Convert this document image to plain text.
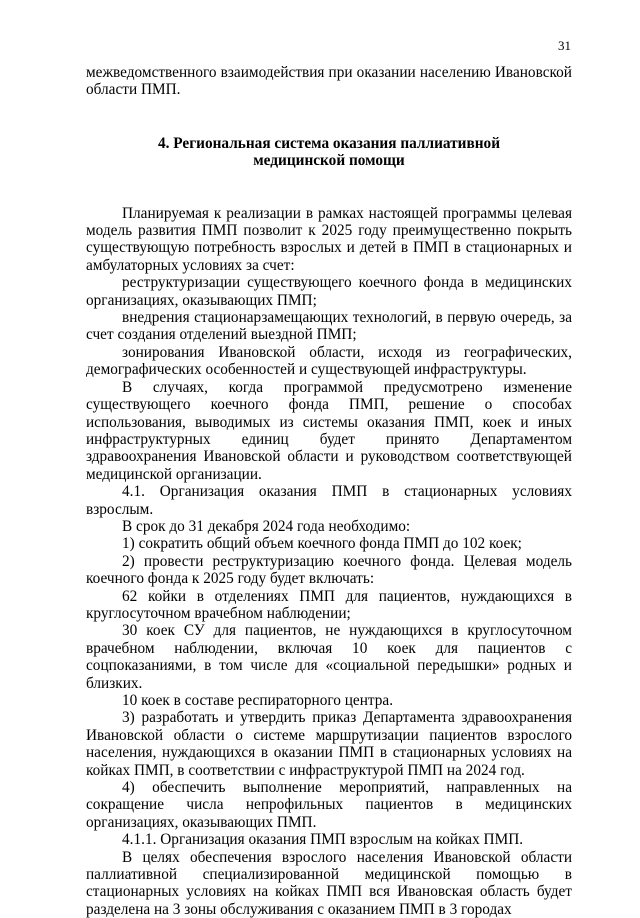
31

межведомственного взаимодействия при оказании населению Ивановской области ПМП.

4. Региональная система оказания паллиативной
медицинской помощи

Планируемая к реализации в рамках настоящей программы целевая модель развития ПМП позволит к 2025 году преимущественно покрыть существующую потребность взрослых и детей в ПМП в стационарных и амбулаторных условиях за счет:

реструктуризации существующего коечного фонда в медицинских организациях, оказывающих ПМП;

внедрения стационарзамещающих технологий, в первую очередь, за счет создания отделений выездной ПМП;

зонирования Ивановской области, исходя из географических, демографических особенностей и существующей инфраструктуры.

В случаях, когда программой предусмотрено изменение существующего коечного фонда ПМП, решение о способах использования, выводимых из системы оказания ПМП, коек и иных инфраструктурных единиц будет принято Департаментом здравоохранения Ивановской области и руководством соответствующей медицинской организации.

4.1. Организация оказания ПМП в стационарных условиях взрослым.

В срок до 31 декабря 2024 года необходимо:

1) сократить общий объем коечного фонда ПМП до 102 коек;

2) провести реструктуризацию коечного фонда. Целевая модель коечного фонда к 2025 году будет включать:

62 койки в отделениях ПМП для пациентов, нуждающихся в круглосуточном врачебном наблюдении;

30 коек СУ для пациентов, не нуждающихся в круглосуточном врачебном наблюдении, включая 10 коек для пациентов с соцпоказаниями, в том числе для «социальной передышки» родных и близких.

10 коек в составе респираторного центра.

3) разработать и утвердить приказ Департамента здравоохранения Ивановской области о системе маршрутизации пациентов взрослого населения, нуждающихся в оказании ПМП в стационарных условиях на койках ПМП, в соответствии с инфраструктурой ПМП на 2024 год.

4) обеспечить выполнение мероприятий, направленных на сокращение числа непрофильных пациентов в медицинских организациях, оказывающих ПМП.

4.1.1. Организация оказания ПМП взрослым на койках ПМП.

В целях обеспечения взрослого населения Ивановской области паллиативной специализированной медицинской помощью в стационарных условиях на койках ПМП вся Ивановская область будет разделена на 3 зоны обслуживания с оказанием ПМП в 3 городах
